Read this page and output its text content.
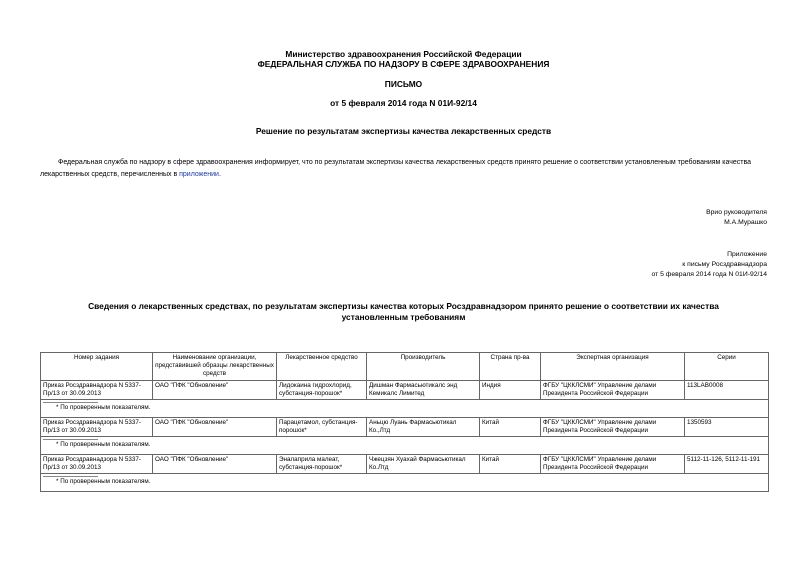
Министерство здравоохранения Российской Федерации
ФЕДЕРАЛЬНАЯ СЛУЖБА ПО НАДЗОРУ В СФЕРЕ ЗДРАВООХРАНЕНИЯ
ПИСЬМО
от 5 февраля 2014 года N 01И-92/14
Решение по результатам экспертизы качества лекарственных средств
Федеральная служба по надзору в сфере здравоохранения информирует, что по результатам экспертизы качества лекарственных средств принято решение о соответствии установленным требованиям качества лекарственных средств, перечисленных в приложении.
Врио руководителя
М.А.Мурашко
Приложение
к письму Росздравнадзора
от 5 февраля 2014 года N 01И-92/14
Сведения о лекарственных средствах, по результатам экспертизы качества которых Росздравнадзором принято решение о соответствии их качества
установленным требованиям
Номер задания	Наименование организации, представившей образцы лекарственных средств	Лекарственное средство	Производитель	Страна пр-ва	Экспертная организация	Серии
Приказ Росздравнадзора N 5337-Пр/13 от 30.09.2013	ОАО "ПФК "Обновление"	Лидокаина гидрохлорид, субстанция-порошок*	Дишман Фармасьютикалс энд Кемикалс Лимитед	Индия	ФГБУ "ЦККЛСМИ" Управление делами Президента Российской Федерации	113LAB0008

* По проверенным показателям.						

Приказ Росздравнадзора N 5337-Пр/13 от 30.09.2013	ОАО "ПФК "Обновление"	Парацетамол, субстанция-порошок*	Аньцю Луань Фармасьютикал Ко.,Лтд	Китай	ФГБУ "ЦККЛСМИ" Управление делами Президента Российской Федерации	1350593

* По проверенным показателям.						

Приказ Росздравнадзора N 5337-Пр/13 от 30.09.2013	ОАО "ПФК "Обновление"	Эналаприла малеат, субстанция-порошок*	Чжецзян Хуахай Фармасьютикал Ко.Лтд	Китай	ФГБУ "ЦККЛСМИ" Управление делами Президента Российской Федерации	5112-11-126, 5112-11-191

* По проверенным показателям.						
